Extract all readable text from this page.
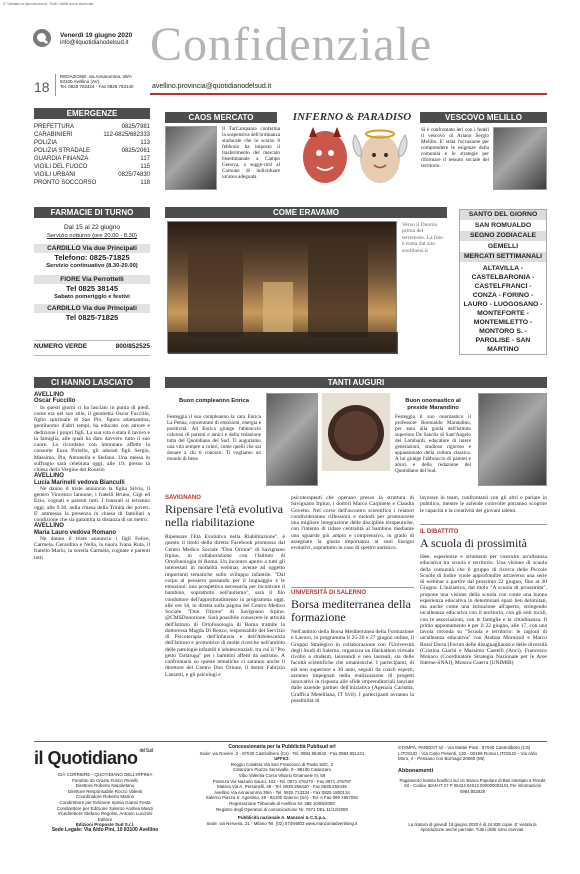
© Vietata la riproduzione. Tutti i diritti sono riservati
Venerdì 19 giugno 2020
info@ilquotidianodelsud.it
18
REDAZIONE: via Annarumma, 39/A
83100 Avellino (AV)
Tel. 0825 783424 - Fax 0825 783140
Confidenziale
avellino.provincia@quotidianodelsud.it
EMERGENZE
PREFETTURA	0825/7981
CARABINIERI	112-0825/682333
POLIZIA	113
POLIZIA STRADALE	0825/2061
GUARDIA FINANZA	117
VIGILI DEL FUOCO	115
VIGILI URBANI	0825/74830
PRONTO SOCCORSO	118
CAOS MERCATO
Il TarCampania conferma la sospensiva dell'ordinanza sindacale che lo scorso 8 febbraio ha imposto il trasferimento del mercato bisettimanale a Campo Genova, a sugge-rirsi al Comune di individuare un'area adeguata
INFERNO & PARADISO	VESCOVO MELILLO
Si è confrontato ieri con i fedeli il vescovo di Ariano Sergio Melillo. E' stata l'occasione per comprendere le esigenze della comunità e le strategie per riformare il tessuto sociale del territorio.
FARMACIE DI TURNO
Dal 15 al 22 giugno
Servizio notturno (ore 20.00 - 8.30)
CARDILLO Via due Principati
Telefono: 0825-71825
Servizio continuativo (8.30-20.00)
FIORE Via Perrottelli
Tel 0825 38145
Sabato pomeriggio e festivi
CARDILLO Via due Principati
Tel 0825-71825
NUMERO VERDE	800/852525
COME ERAVAMO
Verso il Duomo prima del terremoto. La foto è tratta dal sito avellinesi.it
SANTO DEL GIORNO
SAN ROMUALDO
SEGNO ZODIACALE
GEMELLI
MERCATI SETTIMANALI
ALTAVILLA - CASTELBARONIA - CASTELFRANCI - CONZA - FORINO - LAURO - LUOGOSANO - MONTEFORTE - MONTEMILETTO - MONTORO S. - PAROLISE - SAN MARTINO
CI HANNO LASCIATO
AVELLINO
Oscar Fuccillo
In questi giorni ci ha lasciato in punta di piedi, come era nel suo stile, il geometra Oscar Fuccillo, figlio spirituale di San Pio, figura adamantina, gentiluomo d'altri tempi, ha educato con amore e dedizione i propri figli. La sua vita è stata il lavoro e la famiglia, alle quali ha dato davvero tutto il suo cuore. Lo ricordano con immutato affetto la consorte Enza Pirrello, gli adorati figli Sergio, Massimo, Pia, Antonella e Stefano. Una messa in suffragio sarà celebrata oggi, alle 19, presso la chiesa della Vergine del Rosario
AVELLINO
Lucia Marinelli vedova Bianculli
Ne danno il triste annuncio la figlia Silvia, il genero Vincenzo Iannone, i fratelli Bruno, Gigi ed Ezio, cognati e parenti tutti. I funerali si terranno oggi, alle 9.30, nella chiesa della Trinità dei poveri. E' ammessa la presenza in chiesa di familiari a condizione che sia garantita la distanza di un metro.
AVELLINO
Maria Lauro vedova Romano
Ne danno il triste annuncio i figli Felice, Carmela, Gerardina e Nella, la nuora Ivana Ruta, il fratello Mario, la sorella Carmela, cognate e parenti tutti
TANTI AUGURI
Buon compleanno Enrica
Festeggia il suo compleanno la cara Enrica La Penna, concentrato di emozioni, energia e positività. Ad Enrica giunge l'abbraccio calorosi di parenti e amici e della redazione tutta del Quotidiano del Sud. Ti auguriamo una vita sempre a colori, come quelli che sai donare a chi ti conosce. Ti vogliamo un mondo di bene.
Buon onomastico al preside Marandino
Festeggia il suo onomastico il professore Romualdo Marandino, per anni alla guida dell'istituto superiore De Sanctis di Sant'Angelo dei Lombardi, educatore di intere generazioni, studioso rigoroso e appassionato della cultura classica. A lui giunge l'abbraccio di parenti e amici e della redazione del Quotidiano del Sud.
SAVIGNANO
Ripensare l'età evolutiva nella riabilitazione
Ripensare l'Età Evolutiva nella Riabilitazione", è questo il titolo della diretta Facebook promossa dal Centro Medico Sociale "Don Orione" di Savignano Irpino, in collaborazione con l'Istituto di Ortofonologia di Roma. Un incontro aperto a tutti gli interessati in modalità webinar, avente ad oggetto importanti tematiche sullo sviluppo infantile. "Dal corpo al pensiero passando per il linguaggio e le emozioni: una prospettiva necessaria per incontrare il bambino, soprattutto nell'autismo", sarà il filo conduttore dell'approfondimento in programma oggi, alle ore 18, in diretta sulla pagina del Centro Medico Sociale "Don Orione" di Savignano Irpino. @CMSDonorione. Sarà possibile conoscere le attività dell'Istituto di Ortofonologia di Roma tramite la dottoressa Magda Di Renzo, responsabile del Servizio di Psicoterapia dell'Infanzia e dell'Adolescenza dell'Istituto e promotrice di molte ricerche nell'ambito delle patologie infantili e adolescenziali, tra cui il "Pro getto Tartaruga" per i bambini affetti da autismo. A confrontarsi su queste tematiche ci saranno anche il direttore del Centro Don Orione, il dottor Fabrizio Lanzetti, e gli psicologi e
psicoterapeuti che operano presso la struttura di Savignano Irpino, i dottori Marco Carpinete e Claudia Govetto. Nel corso dell'incontro scientifico i relatori condivideranno riflessioni e metodi per promuovere una migliore integrazione delle discipline terapeutiche, con l'intento di ridare centralità al bambino mediante uno sguardo più ampio e comprensivo, in grado di assegnare la giusta importanza ai suoi bisogni evolutivi, soprattutto in caso di spettro autistico.
UNIVERSITÀ DI SALERNO
Borsa mediterranea della formazione
Nell'ambito della Borsa Mediterranea della Formazione e Lavoro, in programma il 25-26 e 27 giugno online, il Gruppo Strategico in collaborazione con l'Università degli Studi di Salerno, organizza un Hackathon virtuale rivolto a studenti, laureandi e neo laureati, sia delle facoltà scientifiche che umanistiche. I partecipanti, di età non superiore a 30 anni, seguiti da coach esperti, saranno impegnati nella realizzazione di progetti innovativi in risposta alle sfide imprenditoriali lanciate dalle aziende partner dell'iniziativa (Agenzia Carisma, Graffica Metelliana, IT Svil). I partecipanti avranno la possibilità di
lavorare in team, confrontarsi con gli altri e parlare in pubblico, mentre le aziende coinvolte potranno scoprire le capacità e la creatività dei giovani talenti.
IL DIBATTITO
A scuola di prossimità
Idee, esperienze e strumenti per costruire un'alleanza educativa tra scuola e territorio. Una visione di scuola della comunità che il gruppo di ricerca delle Piccole Scuole di Indire vuole approfondire attraverso una serie di webinar a partire dal prossimo 22 giugno, fino al 30 Giugno. L'iniziativa, dal titolo "A scuola di prossimità", propone una visione della scuola con come una buona esperienza educativa in determinati spazi ben delimitati, ma anche come una istituzione all'aperto, stringendo un'alleanza educativa con il territorio, con gli enti locali, con le associazioni, con le famiglie e la cittadinanza. Il primo appuntamento è per il 22 giugno, alle 17, con una tavola rotonda su "Scuola e territorio: le ragioni di un'alleanza educativa" con Andrea Morniroli e Marco Rossi Doria (Forum delle disuguaglianze e delle diversità (Cristina Giachi e Massimo Castelli (Anci), Francesco Monaco (Coordinatore Strategia Nazionale per le Aree Interne-SNAI), Monica Guerra (UNIMIB)
il Quotidiano $^{del Sud}$
GIÀ CORRIERE - QUOTIDIANO DELL'IRPINIA
Fondato da Orazio Fusco Pirrello
Direttore Roberto Napoletano
Direttore Responsabile Rocco Valenti
Coordinatore Roberto Marino
Condirettore per Edizione Irpinia Gianni Festa
Condirettore per Edizione Salerno Andrea Manzi
Vicedirettore Stefano Regolini, Antonio Lucchini
Editore
Edizioni Proposte Sud S.r.l.
Sede Legale: Via Aldo Pini, 10 83100 Avellino
Concessionaria per la Pubblicità Publisud srl
Sede: via Rovere, 2 - 87040 Castrolibero (Cs) - Tel. 0984 854042 - Fax 0984 851241
UFFICI:
Reggio Calabria Via San Francesco di Paola 16/C, 2
Catanzaro Piazza Serravalle, 9 - 88100 Catanzaro
Vibo Valentia Corso Vittorio Emanuele III, 58
Potenza Via Nazario Sauro, 102 - Tel. 0971 476470 - Fax 0971 476797
Matera Via A. Persanelli, 48 - Tel. 0835 256440 - Fax 0835 256446
Avellino Via Annarumma 39/A - Tel. 0825 713334 - Fax 0825 1800134
Salerno Piazza S. Agostino, 29 - 84100 Salerno (SA) - Tel. e Fax 089 2967081
Registrazione Tribunale di Avellino Nr. 388 10/05/2000
Registro degli Operatori di comunicazione Nr. 7671 DEL 11/12/2000
Pubblicità nazionale A. Manzoni & C.S.p.a.
Sede: via Nervesa, 21 - Milano Tel. (02) 57494802 www.manzoniadvertising.it
STAMPA: PANEDIT srl - Via Mattei Prati - 87040 Castrolibero (CS) LITOSUD - Via Carlo Pesenti, 130 - 00156 Roma LITOSUD - Via Aldo Moro, 4 - Pessano con Bornago 20060 (MI)
Abbonamenti
Pagamento tramite bonifico sul c/c Banca Popolare di Bari intestato a Finedit Srl - Codice IBAN IT 27 P 05424 04012 000000003101 Per informazioni 0984.852828
La tiratura di giovedì 18 giugno 2020 è di 24.838 copie. E' vietata la riproduzione anche parziale. Tutti i diritti sono riservati.
